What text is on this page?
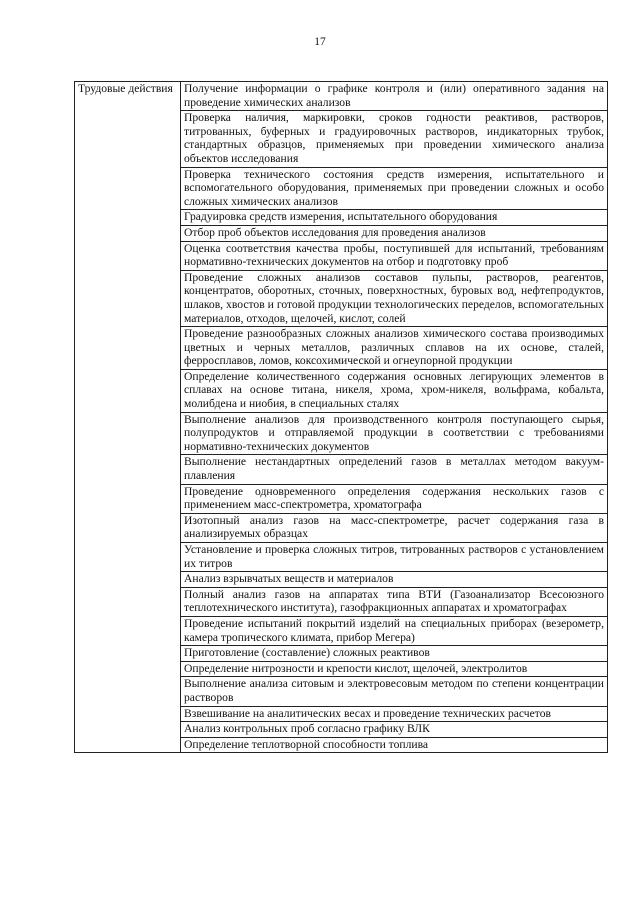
17
Трудовые действия	Получение информации о графике контроля и (или) оперативного задания на проведение химических анализов
Проверка наличия, маркировки, сроков годности реактивов, растворов, титрованных, буферных и градуировочных растворов, индикаторных трубок, стандартных образцов, применяемых при проведении химического анализа объектов исследования
Проверка технического состояния средств измерения, испытательного и вспомогательного оборудования, применяемых при проведении сложных и особо сложных химических анализов
Градуировка средств измерения, испытательного оборудования
Отбор проб объектов исследования для проведения анализов
Оценка соответствия качества пробы, поступившей для испытаний, требованиям нормативно-технических документов на отбор и подготовку проб
Проведение сложных анализов составов пульпы, растворов, реагентов, концентратов, оборотных, сточных, поверхностных, буровых вод, нефтепродуктов, шлаков, хвостов и готовой продукции технологических переделов, вспомогательных материалов, отходов, щелочей, кислот, солей
Проведение разнообразных сложных анализов химического состава производимых цветных и черных металлов, различных сплавов на их основе, сталей, ферросплавов, ломов, коксохимической и огнеупорной продукции
Определение количественного содержания основных легирующих элементов в сплавах на основе титана, никеля, хрома, хром-никеля, вольфрама, кобальта, молибдена и ниобия, в специальных сталях
Выполнение анализов для производственного контроля поступающего сырья, полупродуктов и отправляемой продукции в соответствии с требованиями нормативно-технических документов
Выполнение нестандартных определений газов в металлах методом вакуум-плавления
Проведение одновременного определения содержания нескольких газов с применением масс-спектрометра, хроматографа
Изотопный анализ газов на масс-спектрометре, расчет содержания газа в анализируемых образцах
Установление и проверка сложных титров, титрованных растворов с установлением их титров
Анализ взрывчатых веществ и материалов
Полный анализ газов на аппаратах типа ВТИ (Газоанализатор Всесоюзного теплотехнического института), газофракционных аппаратах и хроматографах
Проведение испытаний покрытий изделий на специальных приборах (везерометр, камера тропического климата, прибор Мегера)
Приготовление (составление) сложных реактивов
Определение нитрозности и крепости кислот, щелочей, электролитов
Выполнение анализа ситовым и электровесовым методом по степени концентрации растворов
Взвешивание на аналитических весах и проведение технических расчетов
Анализ контрольных проб согласно графику ВЛК
Определение теплотворной способности топлива
